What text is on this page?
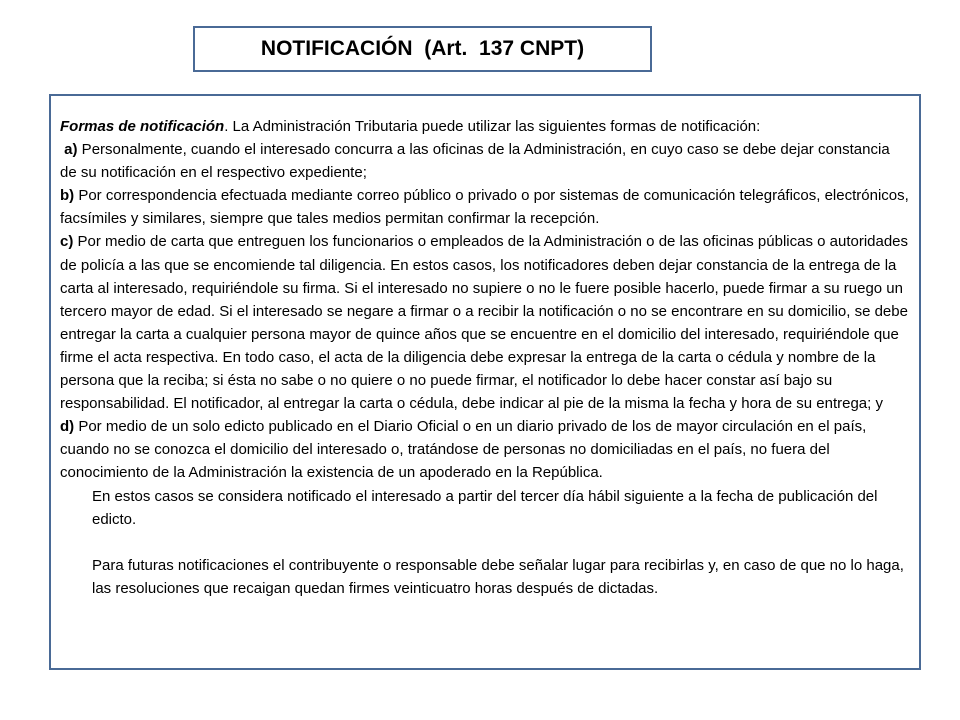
NOTIFICACIÓN  (Art.  137 CNPT)

Formas de notificación. La Administración Tributaria puede utilizar las siguientes formas de notificación:

a) Personalmente, cuando el interesado concurra a las oficinas de la Administración, en cuyo caso se debe dejar constancia de su notificación en el respectivo expediente;

b) Por correspondencia efectuada mediante correo público o privado o por sistemas de comunicación telegráficos, electrónicos, facsímiles y similares, siempre que tales medios permitan confirmar la recepción.

c) Por medio de carta que entreguen los funcionarios o empleados de la Administración o de las oficinas públicas o autoridades de policía a las que se encomiende tal diligencia. En estos casos, los notificadores deben dejar constancia de la entrega de la carta al interesado, requiriéndole su firma. Si el interesado no supiere o no le fuere posible hacerlo, puede firmar a su ruego un tercero mayor de edad. Si el interesado se negare a firmar o a recibir la notificación o no se encontrare en su domicilio, se debe entregar la carta a cualquier persona mayor de quince años que se encuentre en el domicilio del interesado, requiriéndole que firme el acta respectiva. En todo caso, el acta de la diligencia debe expresar la entrega de la carta o cédula y nombre de la persona que la reciba; si ésta no sabe o no quiere o no puede firmar, el notificador lo debe hacer constar así bajo su responsabilidad. El notificador, al entregar la carta o cédula, debe indicar al pie de la misma la fecha y hora de su entrega; y

d) Por medio de un solo edicto publicado en el Diario Oficial o en un diario privado de los de mayor circulación en el país, cuando no se conozca el domicilio del interesado o, tratándose de personas no domiciliadas en el país, no fuera del conocimiento de la Administración la existencia de un apoderado en la República.

En estos casos se considera notificado el interesado a partir del tercer día hábil siguiente a la fecha de publicación del edicto.

Para futuras notificaciones el contribuyente o responsable debe señalar lugar para recibirlas y, en caso de que no lo haga, las resoluciones que recaigan quedan firmes veinticuatro horas después de dictadas.
